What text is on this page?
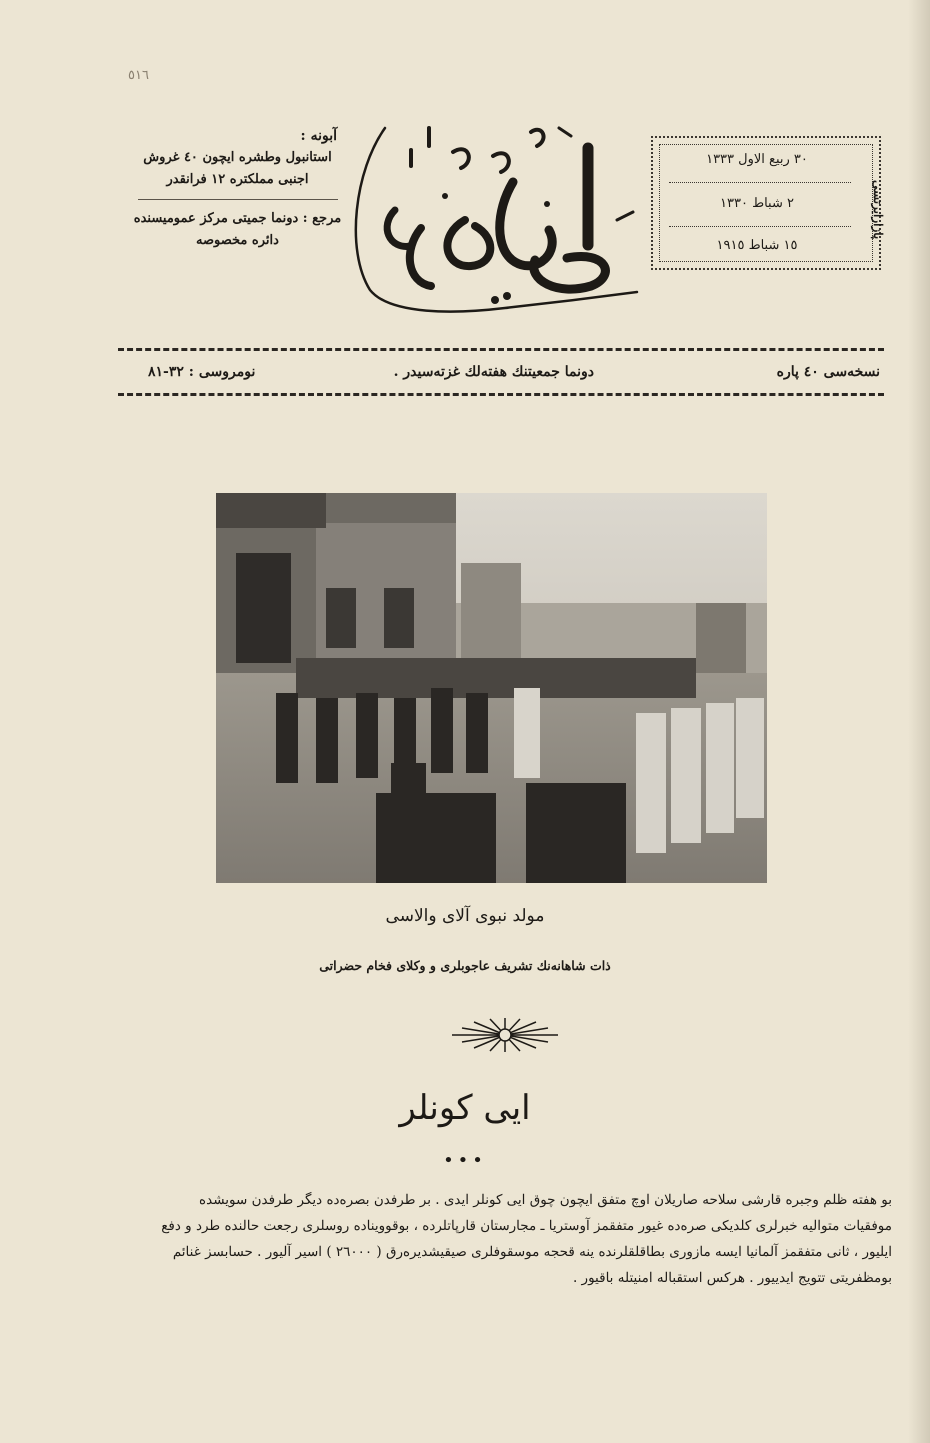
٥١٦
آبونه :
استانبول وطشره ایچون ٤٠ غروش
اجنبی مملکتره ١٢ فرانقدر
مرجع : دونما جمیتی مرکز عمومیسنده
دائره مخصوصه
پازارایرتسی
٣٠ ربیع الاول ١٣٣٣
٢ شباط ١٣٣٠
١٥ شباط ١٩١٥
نسخه‌سی ٤٠ پاره
دونما جمعیتنك هفته‌لك غزته‌سیدر .
نومروسی : ٣٢-٨١
مولد نبوی آلای والاسی
ذات شاهانه‌نك تشریف عاجوبلری و وكلای فخام حضراتی
ایی کونلر
•••

بو هفته ظلم وجبره قارشی سلاحه صاریلان اوچ متفق ایچون چوق ایی کونلر ایدی . بر طرفدن بصره‌ده دیگر طرفدن سویشده

موفقیات متوالیه خبرلری کلدیکی صره‌ده غیور متفقمز آوستریا ـ مجارستان قارپاتلرده ، بوقووینا‌ده روسلری رجعت حالنده طرد و دفع

ایلیور ، ثانی متفقمز آلمانیا ایسه مازوری بطاقلقلرنده ینه قحجه موسقوفلری صیقیشدیره‌رق ( ٢٦٠٠٠ ) اسیر آلیور . حسابسز غنائم

بومظفریتی تتویج ایدییور . هرکس استقباله امنیتله باقیور .
